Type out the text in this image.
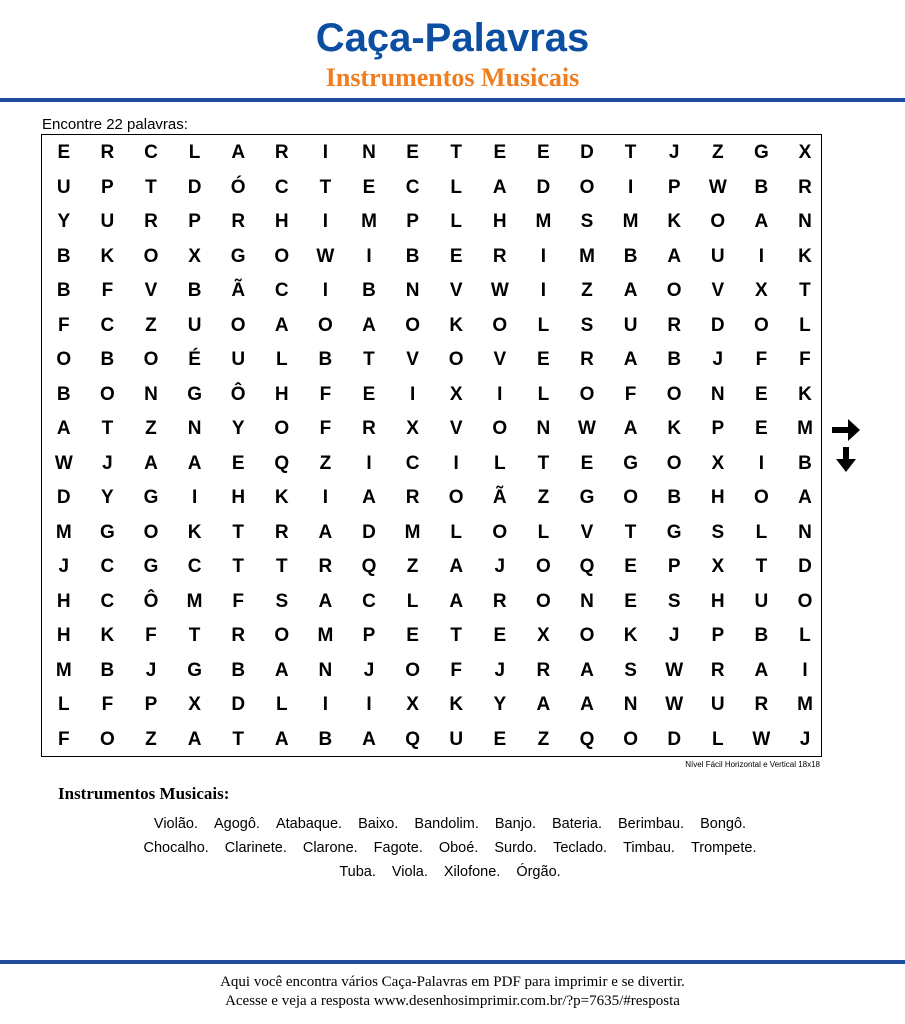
Caça-Palavras
Instrumentos Musicais
Encontre 22 palavras:
E	R	C	L	A	R	I	N	E	T	E	E	D	T	J	Z	G	X
U	P	T	D	Ó	C	T	E	C	L	A	D	O	I	P	W	B	R
Y	U	R	P	R	H	I	M	P	L	H	M	S	M	K	O	A	N
B	K	O	X	G	O	W	I	B	E	R	I	M	B	A	U	I	K
B	F	V	B	Ã	C	I	B	N	V	W	I	Z	A	O	V	X	T
F	C	Z	U	O	A	O	A	O	K	O	L	S	U	R	D	O	L
O	B	O	É	U	L	B	T	V	O	V	E	R	A	B	J	F	F
B	O	N	G	Ô	H	F	E	I	X	I	L	O	F	O	N	E	K
A	T	Z	N	Y	O	F	R	X	V	O	N	W	A	K	P	E	M
W	J	A	A	E	Q	Z	I	C	I	L	T	E	G	O	X	I	B
D	Y	G	I	H	K	I	A	R	O	Ã	Z	G	O	B	H	O	A
M	G	O	K	T	R	A	D	M	L	O	L	V	T	G	S	L	N
J	C	G	C	T	T	R	Q	Z	A	J	O	Q	E	P	X	T	D
H	C	Ô	M	F	S	A	C	L	A	R	O	N	E	S	H	U	O
H	K	F	T	R	O	M	P	E	T	E	X	O	K	J	P	B	L
M	B	J	G	B	A	N	J	O	F	J	R	A	S	W	R	A	I
L	F	P	X	D	L	I	I	X	K	Y	A	A	N	W	U	R	M
F	O	Z	A	T	A	B	A	Q	U	E	Z	Q	O	D	L	W	J
Nível Fácil Horizontal e Vertical 18x18
Instrumentos Musicais:
Violão. Agogô. Atabaque. Baixo. Bandolim. Banjo. Bateria. Berimbau. Bongô.
Chocalho. Clarinete. Clarone. Fagote. Oboé. Surdo. Teclado. Timbau. Trompete.
Tuba. Viola. Xilofone. Órgão.
Aqui você encontra vários Caça-Palavras em PDF para imprimir e se divertir.
Acesse e veja a resposta www.desenhosimprimir.com.br/?p=7635/#resposta
